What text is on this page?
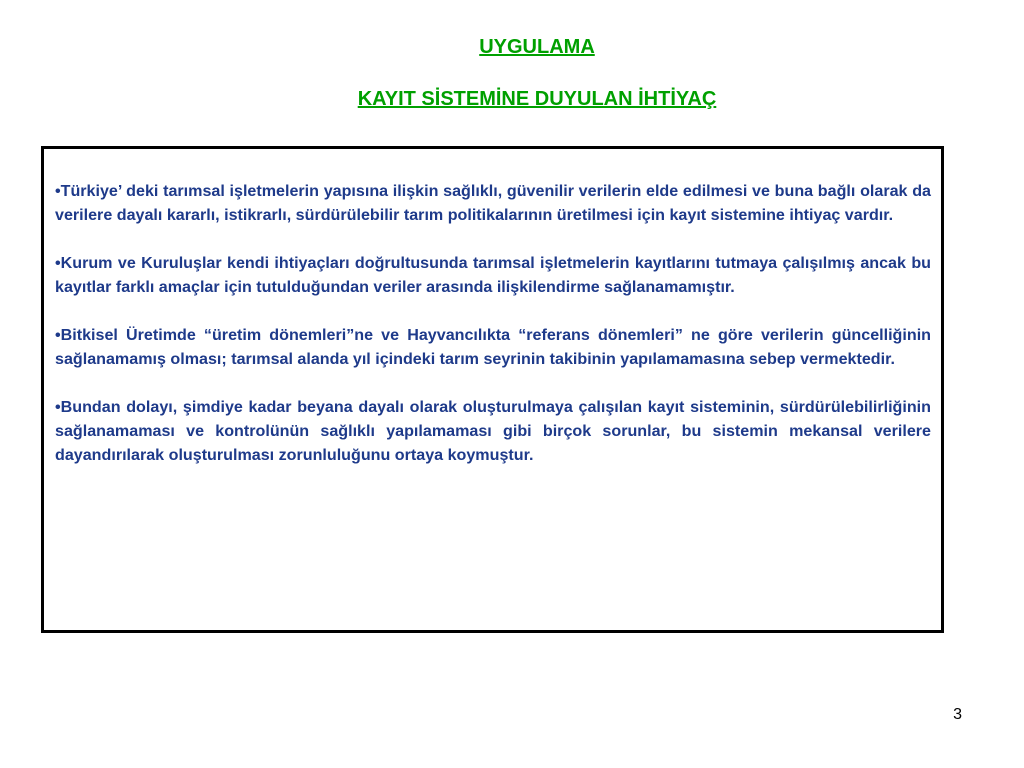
UYGULAMA
KAYIT SİSTEMİNE DUYULAN İHTİYAÇ

•Türkiye’ deki tarımsal işletmelerin yapısına ilişkin sağlıklı, güvenilir verilerin elde edilmesi ve buna bağlı olarak da verilere dayalı kararlı, istikrarlı, sürdürülebilir tarım politikalarının üretilmesi için kayıt sistemine ihtiyaç vardır.

•Kurum ve Kuruluşlar kendi ihtiyaçları doğrultusunda tarımsal işletmelerin kayıtlarını tutmaya çalışılmış ancak bu kayıtlar farklı amaçlar için tutulduğundan veriler arasında ilişkilendirme sağlanamamıştır.

•Bitkisel Üretimde “üretim dönemleri”ne ve Hayvancılıkta “referans dönemleri” ne göre verilerin güncelliğinin sağlanamamış olması; tarımsal alanda yıl içindeki tarım seyrinin takibinin yapılamamasına sebep vermektedir.

•Bundan dolayı, şimdiye kadar beyana dayalı olarak oluşturulmaya çalışılan kayıt sisteminin, sürdürülebilirliğinin sağlanamaması ve kontrolünün sağlıklı yapılamaması gibi birçok sorunlar, bu sistemin mekansal verilere dayandırılarak oluşturulması zorunluluğunu ortaya koymuştur.

3
